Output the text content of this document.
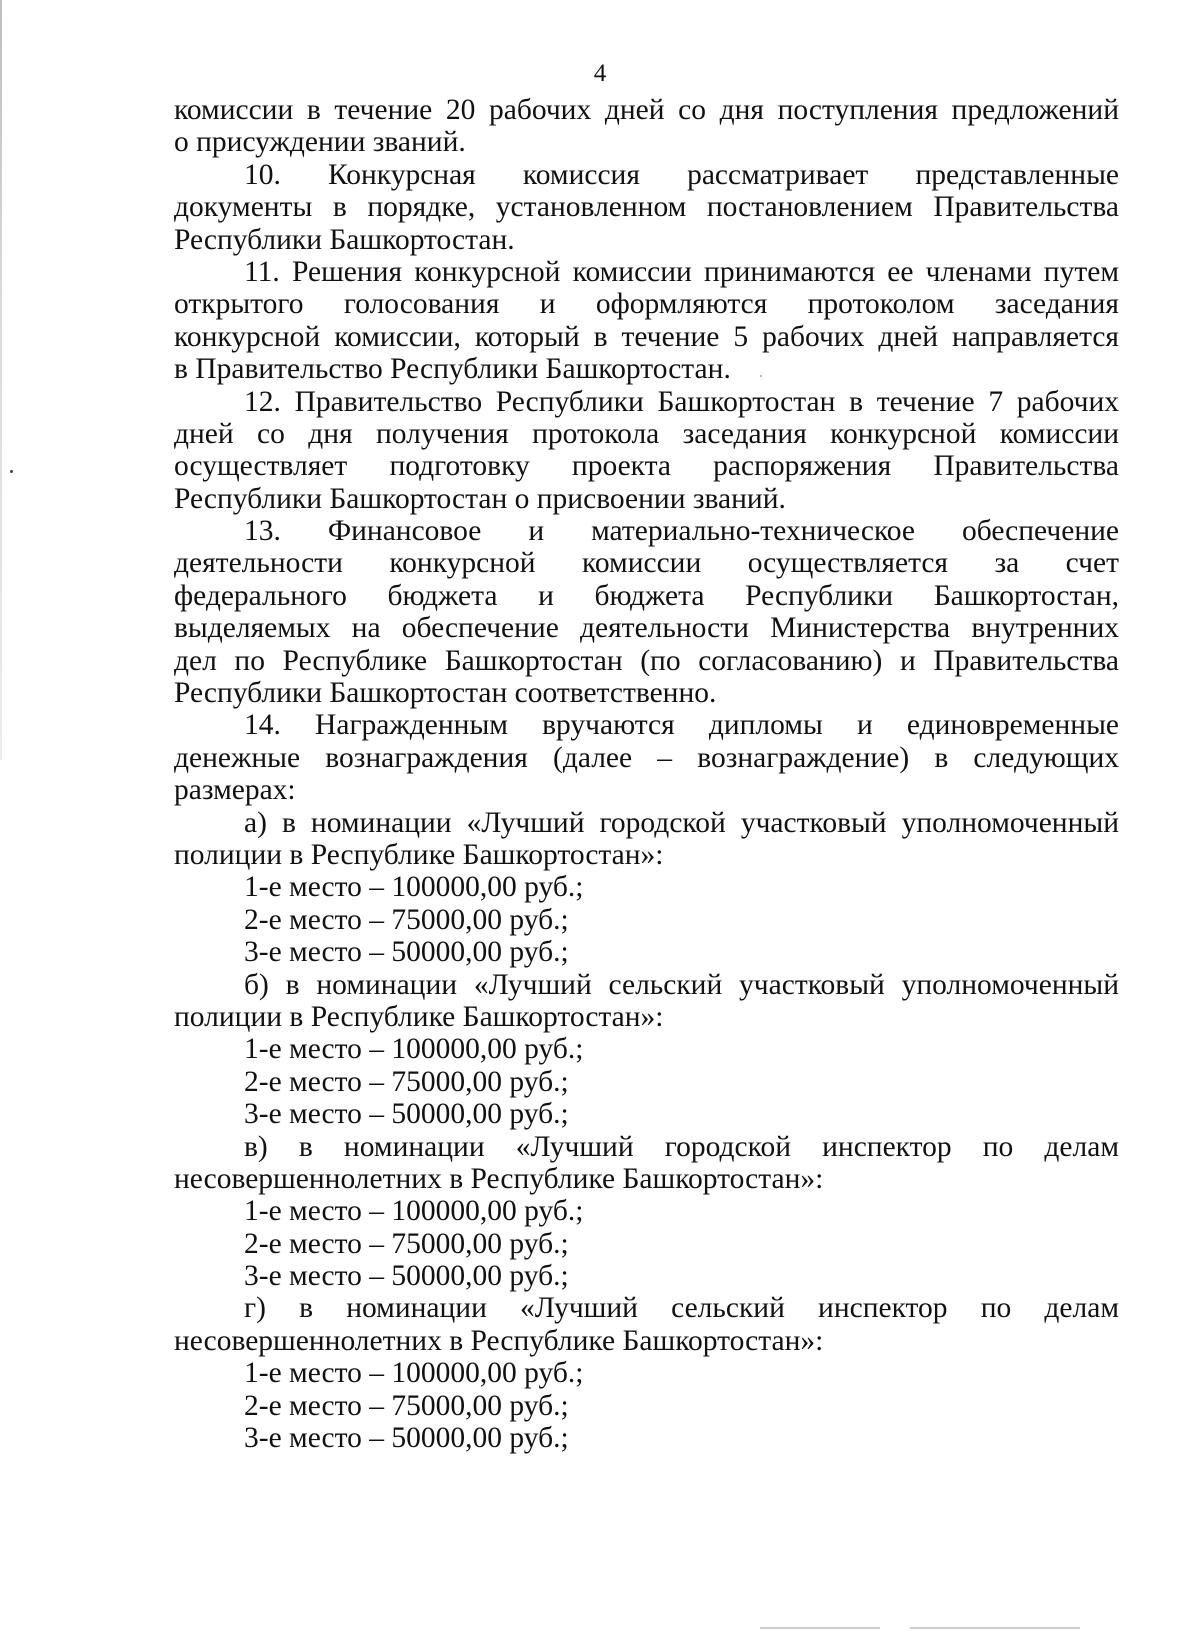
4
комиссии в течение 20 рабочих дней со дня поступления предложений
о присуждении званий.
10. Конкурсная комиссия рассматривает представленные
документы в порядке, установленном постановлением Правительства
Республики Башкортостан.
11. Решения конкурсной комиссии принимаются ее членами путем
открытого голосования и оформляются протоколом заседания
конкурсной комиссии, который в течение 5 рабочих дней направляется
в Правительство Республики Башкортостан.
12. Правительство Республики Башкортостан в течение 7 рабочих
дней со дня получения протокола заседания конкурсной комиссии
осуществляет подготовку проекта распоряжения Правительства
Республики Башкортостан о присвоении званий.
13. Финансовое и материально-техническое обеспечение
деятельности конкурсной комиссии осуществляется за счет
федерального бюджета и бюджета Республики Башкортостан,
выделяемых на обеспечение деятельности Министерства внутренних
дел по Республике Башкортостан (по согласованию) и Правительства
Республики Башкортостан соответственно.
14. Награжденным вручаются дипломы и единовременные
денежные вознаграждения (далее – вознаграждение) в следующих
размерах:
а) в номинации «Лучший городской участковый уполномоченный
полиции в Республике Башкортостан»:
1-е место – 100000,00 руб.;
2-е место – 75000,00 руб.;
3-е место – 50000,00 руб.;
б) в номинации «Лучший сельский участковый уполномоченный
полиции в Республике Башкортостан»:
1-е место – 100000,00 руб.;
2-е место – 75000,00 руб.;
3-е место – 50000,00 руб.;
в) в номинации «Лучший городской инспектор по делам
несовершеннолетних в Республике Башкортостан»:
1-е место – 100000,00 руб.;
2-е место – 75000,00 руб.;
3-е место – 50000,00 руб.;
г) в номинации «Лучший сельский инспектор по делам
несовершеннолетних в Республике Башкортостан»:
1-е место – 100000,00 руб.;
2-е место – 75000,00 руб.;
3-е место – 50000,00 руб.;
